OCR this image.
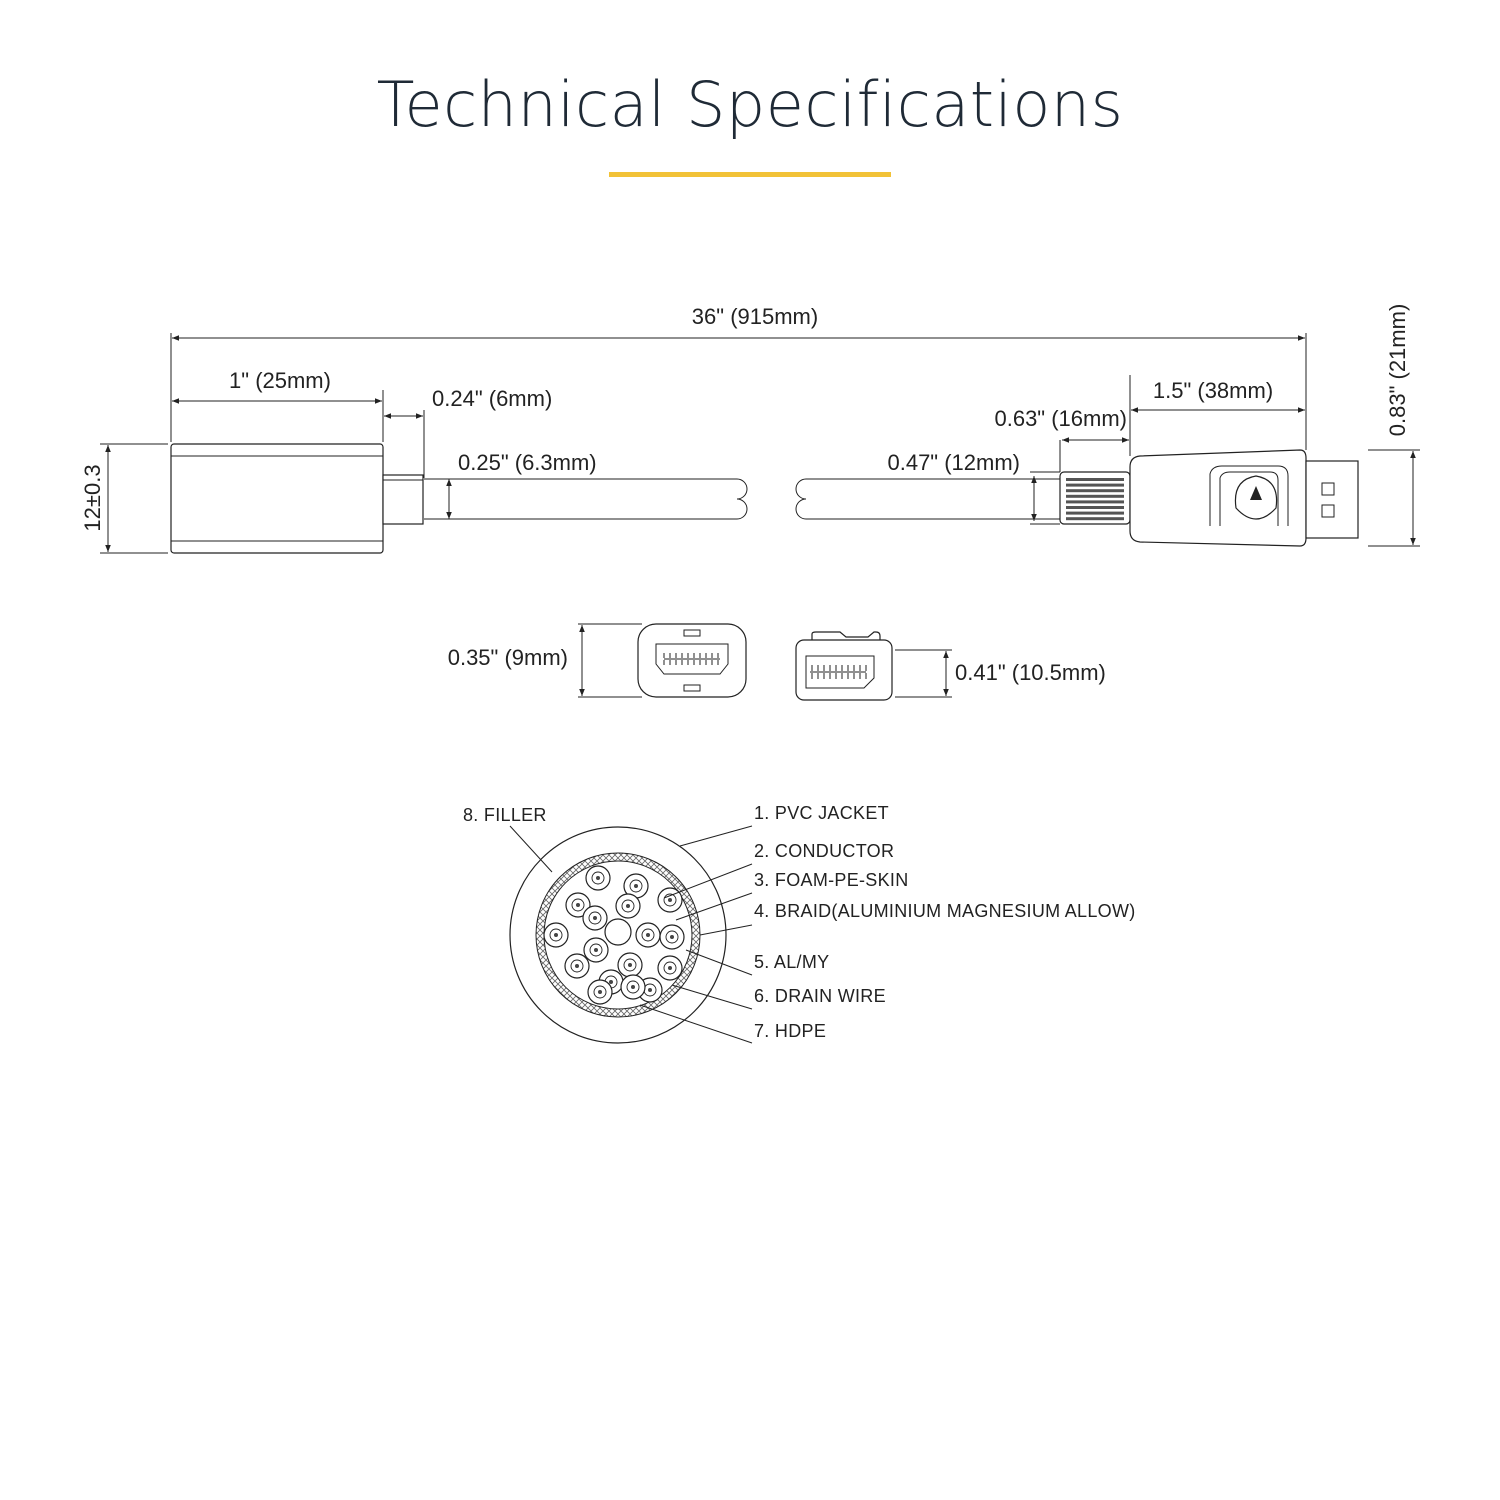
Technical Specifications
36" (915mm)
1" (25mm)
0.24" (6mm)
12±0.3
0.25" (6.3mm)	0.47" (12mm)
0.63" (16mm)
1.5" (38mm)	0.83" (21mm)
0.35" (9mm)
0.41" (10.5mm)
8. FILLER	1. PVC JACKET
2. CONDUCTOR
3. FOAM-PE-SKIN
4. BRAID(ALUMINIUM MAGNESIUM ALLOW)
5. AL/MY
6. DRAIN WIRE
7. HDPE
